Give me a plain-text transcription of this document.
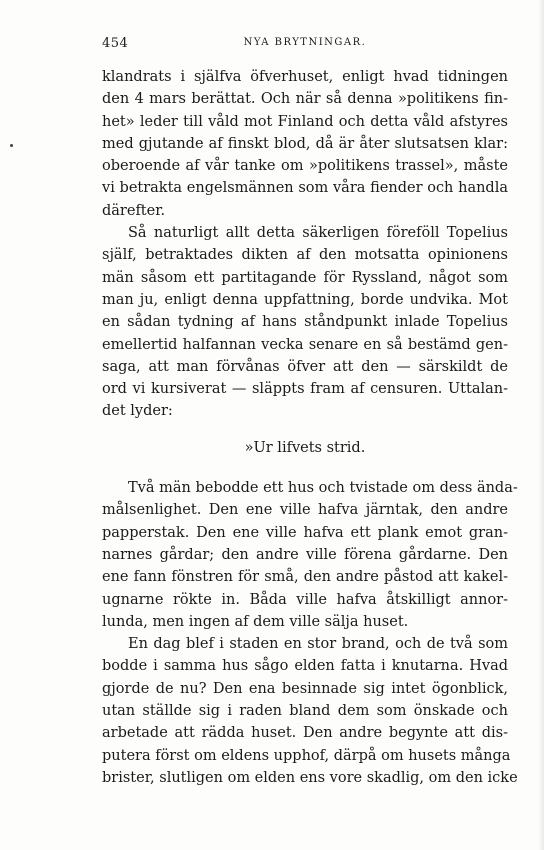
454	NYA BRYTNINGAR.
klandrats i själfva öfverhuset, enligt hvad tidningen
den 4 mars berättat. Och när så denna »politikens fin-
het» leder till våld mot Finland och detta våld afstyres
med gjutande af finskt blod, då är åter slutsatsen klar:
oberoende af vår tanke om »politikens trassel», måste
vi betrakta engelsmännen som våra fiender och handla
därefter.
Så naturligt allt detta säkerligen föreföll Topelius
själf, betraktades dikten af den motsatta opinionens
män såsom ett partitagande för Ryssland, något som
man ju, enligt denna uppfattning, borde undvika. Mot
en sådan tydning af hans ståndpunkt inlade Topelius
emellertid halfannan vecka senare en så bestämd gen-
saga, att man förvånas öfver att den — särskildt de
ord vi kursiverat — släppts fram af censuren. Uttalan-
det lyder:
»Ur lifvets strid.
Två män bebodde ett hus och tvistade om dess ända-
målsenlighet. Den ene ville hafva järntak, den andre
papperstak. Den ene ville hafva ett plank emot gran-
narnes gårdar; den andre ville förena gårdarne. Den
ene fann fönstren för små, den andre påstod att kakel-
ugnarne rökte in. Båda ville hafva åtskilligt annor-
lunda, men ingen af dem ville sälja huset.
En dag blef i staden en stor brand, och de två som
bodde i samma hus sågo elden fatta i knutarna. Hvad
gjorde de nu? Den ena besinnade sig intet ögonblick,
utan ställde sig i raden bland dem som önskade och
arbetade att rädda huset. Den andre begynte att dis-
putera först om eldens upphof, därpå om husets många
brister, slutligen om elden ens vore skadlig, om den icke
